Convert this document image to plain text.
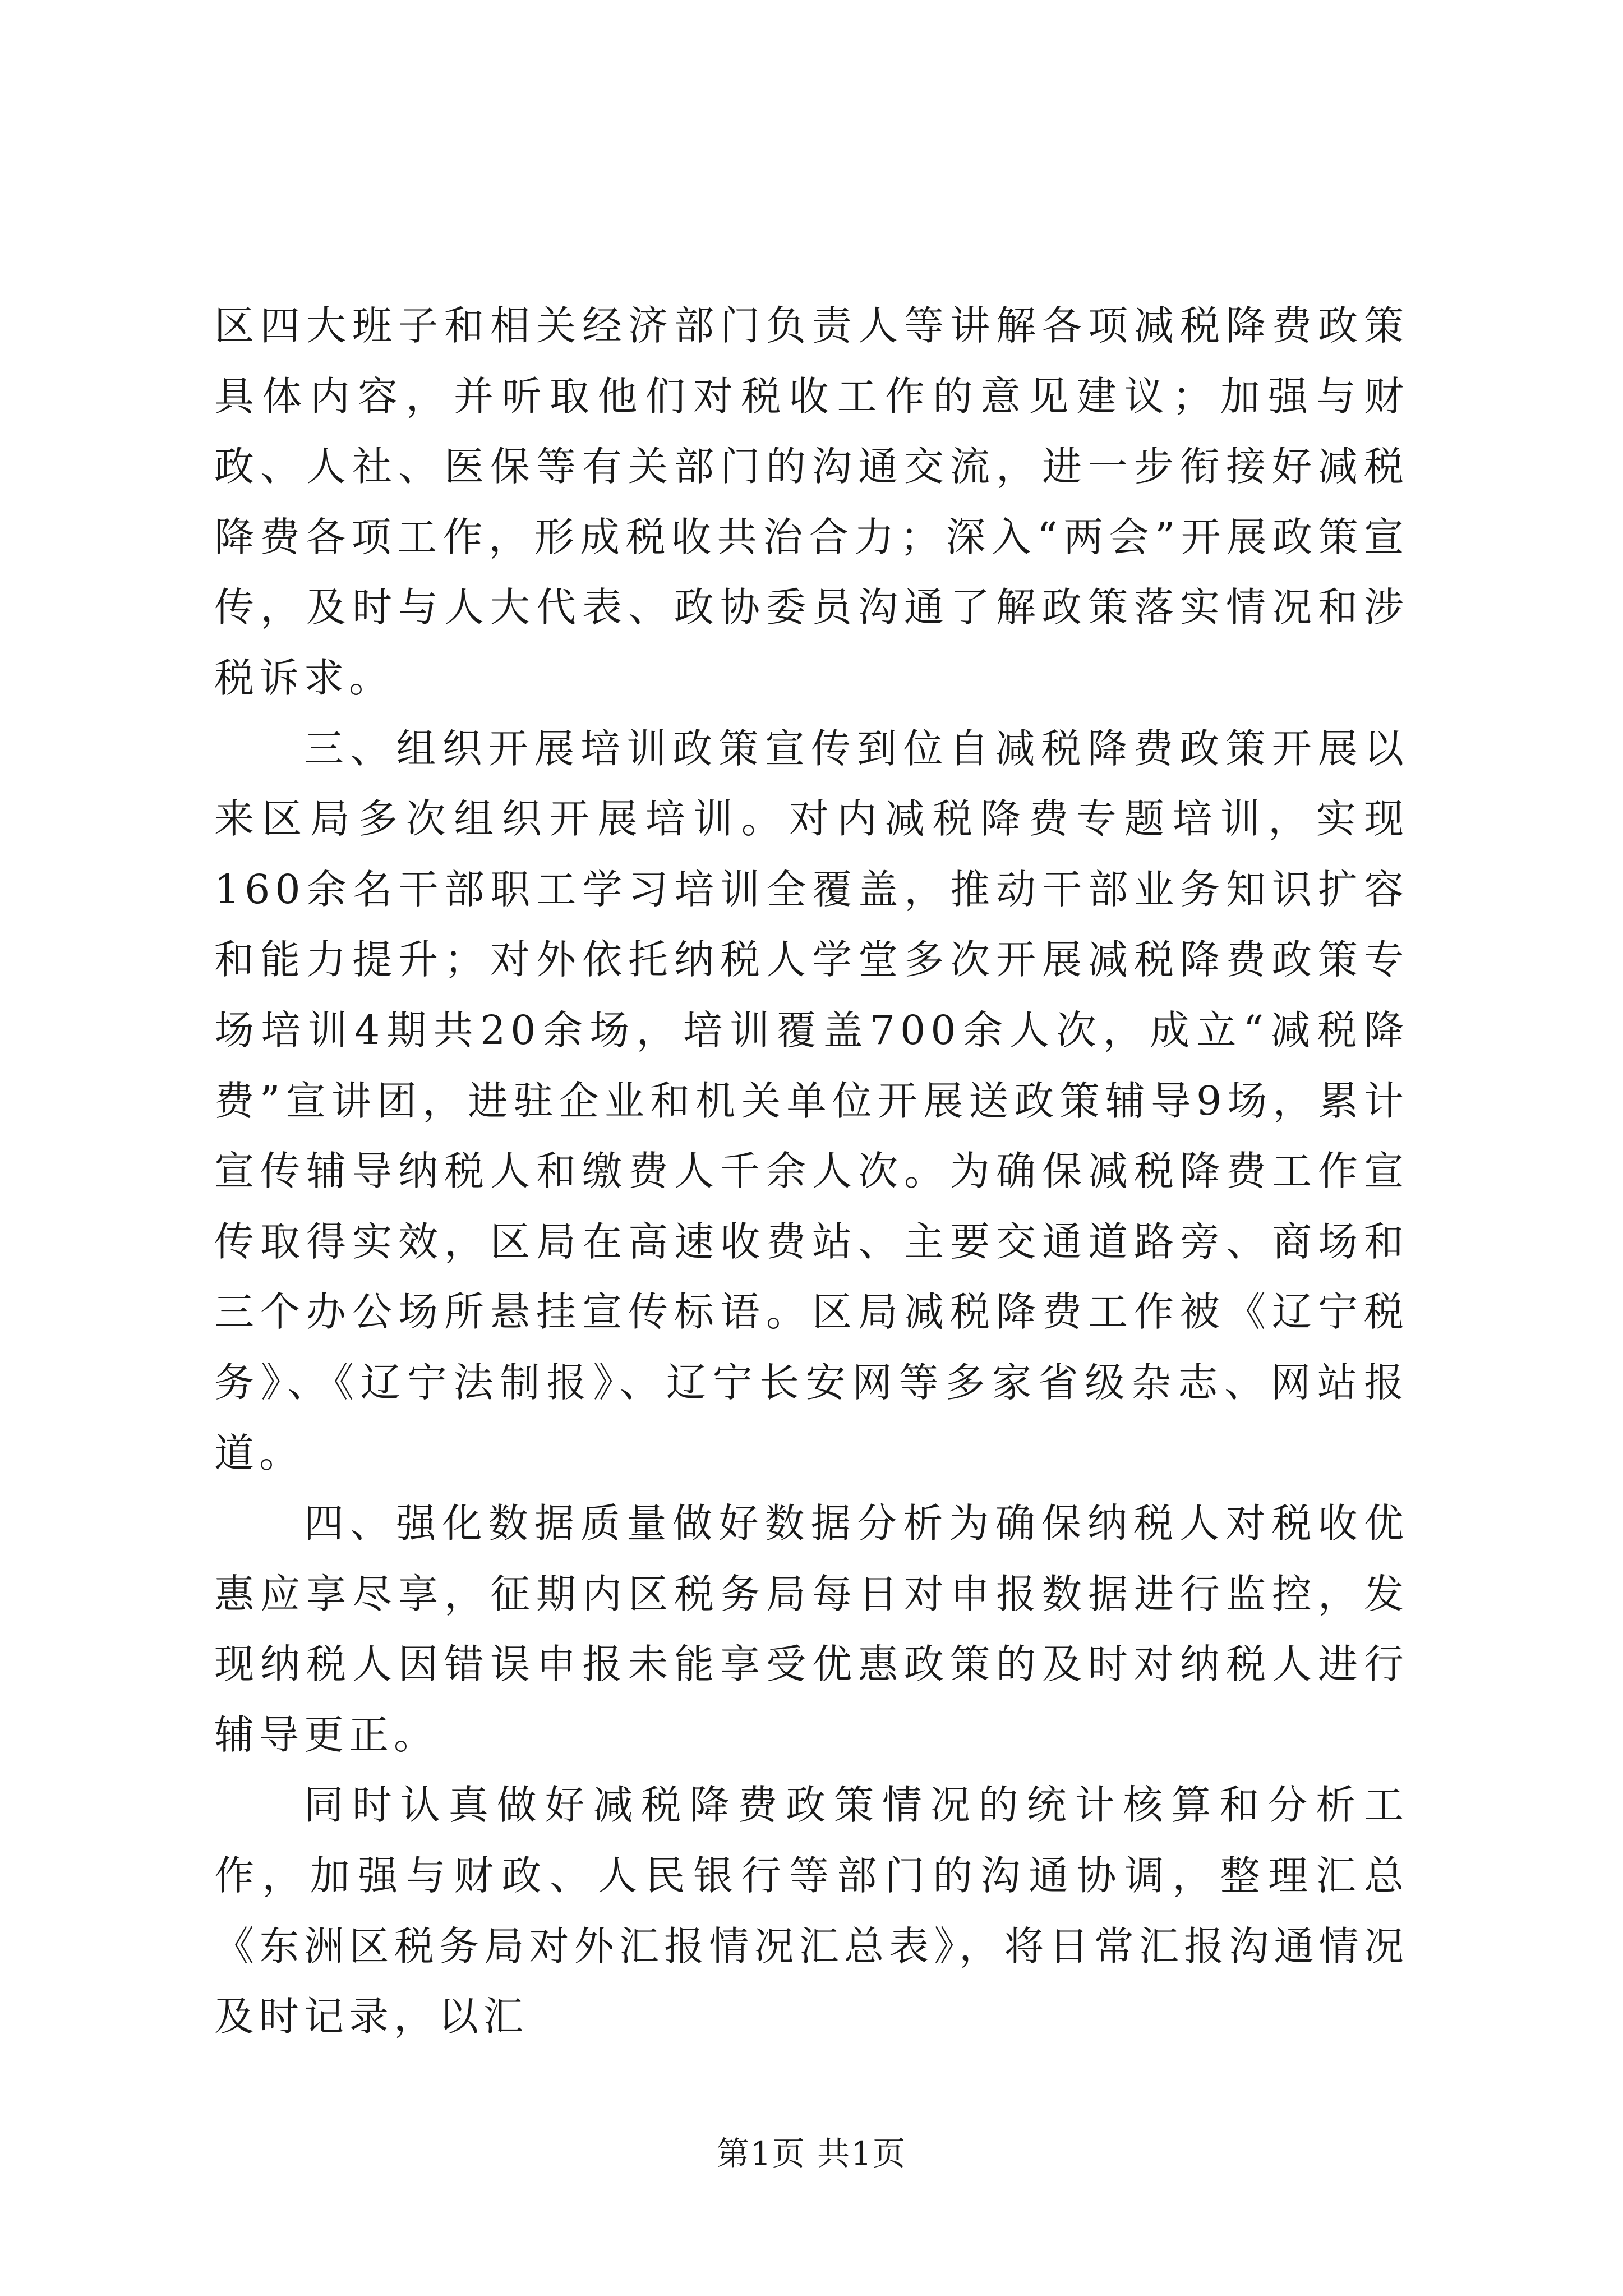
区四大班子和相关经济部门负责人等讲解各项减税降费政策具体内容，并听取他们对税收工作的意见建议；加强与财政、人社、医保等有关部门的沟通交流，进一步衔接好减税降费各项工作，形成税收共治合力；深入“两会”开展政策宣传，及时与人大代表、政协委员沟通了解政策落实情况和涉税诉求。

三、组织开展培训政策宣传到位自减税降费政策开展以来区局多次组织开展培训。对内减税降费专题培训，实现160余名干部职工学习培训全覆盖，推动干部业务知识扩容和能力提升；对外依托纳税人学堂多次开展减税降费政策专场培训4期共20余场，培训覆盖700余人次，成立“减税降费”宣讲团，进驻企业和机关单位开展送政策辅导9场，累计宣传辅导纳税人和缴费人千余人次。为确保减税降费工作宣传取得实效，区局在高速收费站、主要交通道路旁、商场和三个办公场所悬挂宣传标语。区局减税降费工作被《辽宁税务》、《辽宁法制报》、辽宁长安网等多家省级杂志、网站报道。

四、强化数据质量做好数据分析为确保纳税人对税收优惠应享尽享，征期内区税务局每日对申报数据进行监控，发现纳税人因错误申报未能享受优惠政策的及时对纳税人进行辅导更正。

同时认真做好减税降费政策情况的统计核算和分析工作，加强与财政、人民银行等部门的沟通协调，整理汇总《东洲区税务局对外汇报情况汇总表》，将日常汇报沟通情况及时记录，以汇

第1页 共1页
